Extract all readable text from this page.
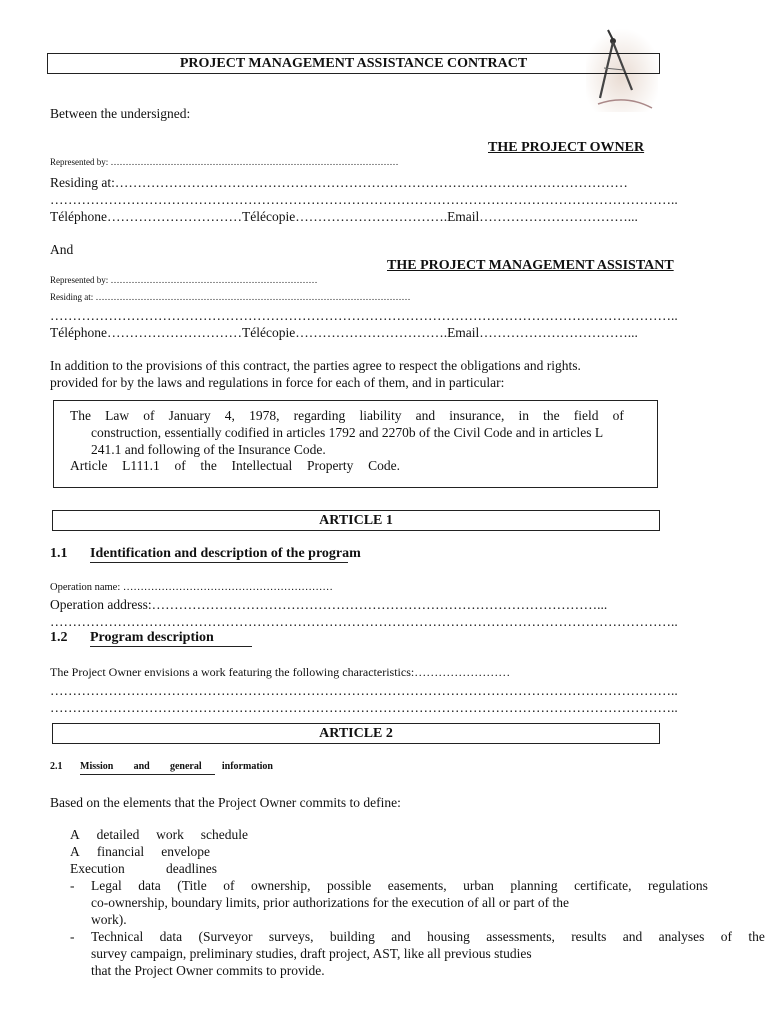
PROJECT MANAGEMENT ASSISTANCE CONTRACT
Between the undersigned:
THE PROJECT OWNER
Represented by: ……………………………………………………………………………………
Residing at:……………………………………………………………………………………………………
…………………………………………………………………………………………………………………………..
Téléphone…………………………Télécopie…………………………….Email……………………………...
And
THE PROJECT MANAGEMENT ASSISTANT
Represented by: ……………………………………………………………
Residing at: ……………………………………………………………………………………………
…………………………………………………………………………………………………………………………..
Téléphone…………………………Télécopie…………………………….Email……………………………...
In addition to the provisions of this contract, the parties agree to respect the obligations and rights.
provided for by the laws and regulations in force for each of them, and in particular:
The Law of January 4, 1978, regarding liability and insurance, in the field of
construction, essentially codified in articles 1792 and 2270b of the Civil Code and in articles L
241.1 and following of the Insurance Code.
Article L111.1 of the Intellectual Property Code.
ARTICLE 1
1.1 Identification and description of the program
Operation name: ……………………………………………………
Operation address:………………………………………………………………………………………...
…………………………………………………………………………………………………………………………..
1.2 Program description
The Project Owner envisions a work featuring the following characteristics:……………………
…………………………………………………………………………………………………………………………..
…………………………………………………………………………………………………………………………..
ARTICLE 2
2.1 Mission and general information
Based on the elements that the Project Owner commits to define:
A detailed work schedule
A financial envelope
Execution	deadlines
- Legal data (Title of ownership, possible easements, urban planning certificate, regulations
co-ownership, boundary limits, prior authorizations for the execution of all or part of the
work).
- Technical data (Surveyor surveys, building and housing assessments, results and analyses of the
survey campaign, preliminary studies, draft project, AST, like all previous studies
that the Project Owner commits to provide.
